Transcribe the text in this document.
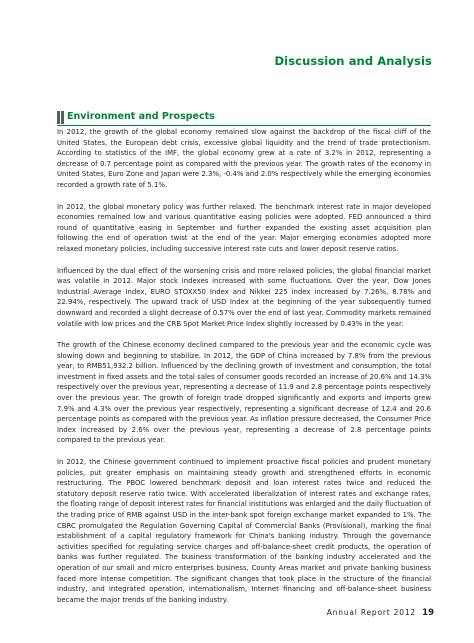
Discussion and Analysis
Environment and Prospects

In 2012, the growth of the global economy remained slow against the backdrop of the fiscal cliff of the United States, the European debt crisis, excessive global liquidity and the trend of trade protectionism. According to statistics of the IMF, the global economy grew at a rate of 3.2% in 2012, representing a decrease of 0.7 percentage point as compared with the previous year. The growth rates of the economy in United States, Euro Zone and Japan were 2.3%, -0.4% and 2.0% respectively while the emerging economies recorded a growth rate of 5.1%.

In 2012, the global monetary policy was further relaxed. The benchmark interest rate in major developed economies remained low and various quantitative easing policies were adopted. FED announced a third round of quantitative easing in September and further expanded the existing asset acquisition plan following the end of operation twist at the end of the year. Major emerging economies adopted more relaxed monetary policies, including successive interest rate cuts and lower deposit reserve ratios.

Influenced by the dual effect of the worsening crisis and more relaxed policies, the global financial market was volatile in 2012. Major stock indexes increased with some fluctuations. Over the year, Dow Jones Industrial Average Index, EURO STOXX50 Index and Nikkei 225 index increased by 7.26%, 8.78% and 22.94%, respectively. The upward track of USD Index at the beginning of the year subsequently turned downward and recorded a slight decrease of 0.57% over the end of last year. Commodity markets remained volatile with low prices and the CRB Spot Market Price Index slightly increased by 0.43% in the year.

The growth of the Chinese economy declined compared to the previous year and the economic cycle was slowing down and beginning to stabilize. In 2012, the GDP of China increased by 7.8% from the previous year, to RMB51,932.2 billion. Influenced by the declining growth of investment and consumption, the total investment in fixed assets and the total sales of consumer goods recorded an increase of 20.6% and 14.3% respectively over the previous year, representing a decrease of 11.9 and 2.8 percentage points respectively over the previous year. The growth of foreign trade dropped significantly and exports and imports grew 7.9% and 4.3% over the previous year respectively, representing a significant decrease of 12.4 and 20.6 percentage points as compared with the previous year. As inflation pressure decreased, the Consumer Price Index increased by 2.6% over the previous year, representing a decrease of 2.8 percentage points compared to the previous year.

In 2012, the Chinese government continued to implement proactive fiscal policies and prudent monetary policies, put greater emphasis on maintaining steady growth and strengthened efforts in economic restructuring. The PBOC lowered benchmark deposit and loan interest rates twice and reduced the statutory deposit reserve ratio twice. With accelerated liberalization of interest rates and exchange rates, the floating range of deposit interest rates for financial institutions was enlarged and the daily fluctuation of the trading price of RMB against USD in the inter-bank spot foreign exchange market expanded to 1%. The CBRC promulgated the Regulation Governing Capital of Commercial Banks (Provisional), marking the final establishment of a capital regulatory framework for China's banking industry. Through the governance activities specified for regulating service charges and off-balance-sheet credit products, the operation of banks was further regulated. The business transformation of the banking industry accelerated and the operation of our small and micro enterprises business, County Areas market and private banking business faced more intense competition. The significant changes that took place in the structure of the financial industry, and integrated operation, internationalism, Internet financing and off-balance-sheet business became the major trends of the banking industry.

Annual Report 2012 19
